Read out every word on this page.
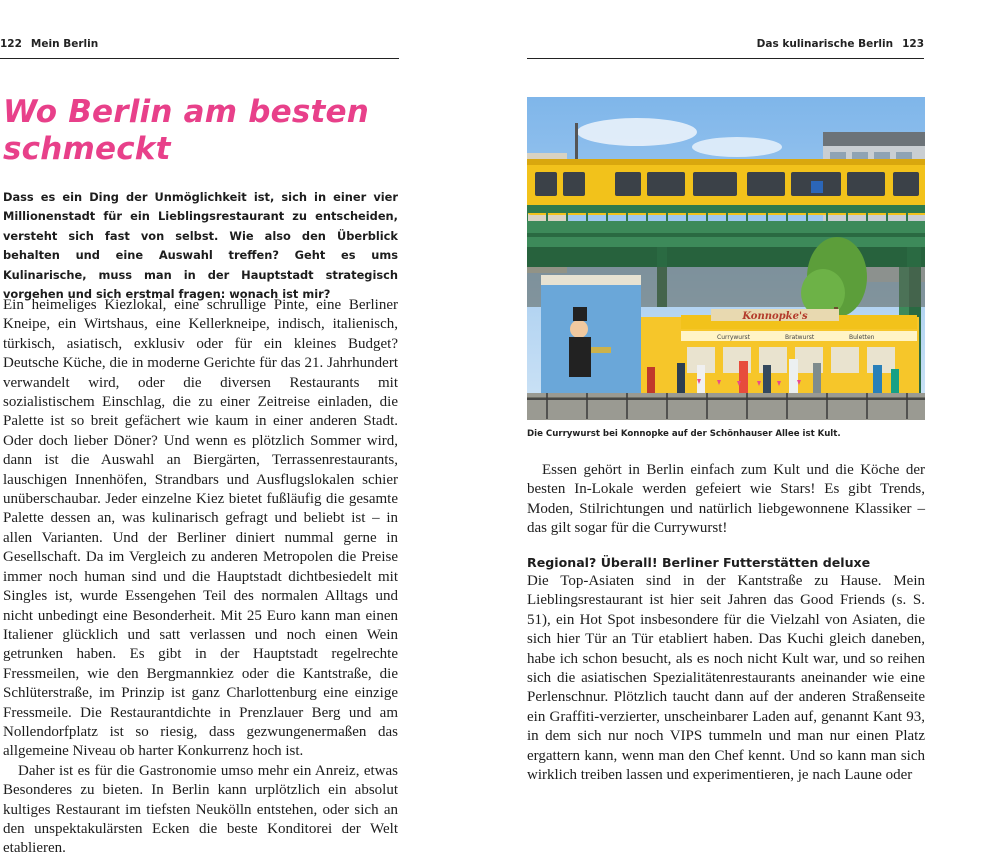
122 Mein Berlin
Wo Berlin am besten schmeckt

Dass es ein Ding der Unmöglichkeit ist, sich in einer vier Millionenstadt für ein Lieblingsrestaurant zu entscheiden, versteht sich fast von selbst. Wie also den Überblick behalten und eine Auswahl treffen? Geht es ums Kulinarische, muss man in der Hauptstadt strategisch vorgehen und sich erstmal fragen: wonach ist mir?

Ein heimeliges Kiezlokal, eine schrullige Pinte, eine Berliner Kneipe, ein Wirtshaus, eine Kellerkneipe, indisch, italienisch, türkisch, asiatisch, exklusiv oder für ein kleines Budget? Deutsche Küche, die in moderne Gerichte für das 21. Jahrhundert verwandelt wird, oder die diversen Restaurants mit sozialistischem Einschlag, die zu einer Zeitreise einladen, die Palette ist so breit gefächert wie kaum in einer anderen Stadt. Oder doch lieber Döner? Und wenn es plötzlich Sommer wird, dann ist die Auswahl an Biergärten, Terrassenrestaurants, lauschigen Innenhöfen, Strandbars und Ausflugslokalen schier unüberschaubar. Jeder einzelne Kiez bietet fußläufig die gesamte Palette dessen an, was kulinarisch gefragt und beliebt ist – in allen Varianten. Und der Berliner diniert nummal gerne in Gesellschaft. Da im Vergleich zu anderen Metropolen die Preise immer noch human sind und die Hauptstadt dichtbesiedelt mit Singles ist, wurde Essengehen Teil des normalen Alltags und nicht unbedingt eine Besonderheit. Mit 25 Euro kann man einen Italiener glücklich und satt verlassen und noch einen Wein getrunken haben. Es gibt in der Hauptstadt regelrechte Fressmeilen, wie den Bergmannkiez oder die Kantstraße, die Schlüterstraße, im Prinzip ist ganz Charlottenburg eine einzige Fressmeile. Die Restaurantdichte in Prenzlauer Berg und am Nollendorfplatz ist so riesig, dass gezwungenermaßen das allgemeine Niveau ob harter Konkurrenz hoch ist.

Daher ist es für die Gastronomie umso mehr ein Anreiz, etwas Besonderes zu bieten. In Berlin kann urplötzlich ein absolut kultiges Restaurant im tiefsten Neukölln entstehen, oder sich an den unspektakulärsten Ecken die beste Konditorei der Welt etablieren.

Das kulinarische Berlin 123
Konnopke's
Currywurst	Bratwurst	Buletten

Die Currywurst bei Konnopke auf der Schönhauser Allee ist Kult.

Essen gehört in Berlin einfach zum Kult und die Köche der besten In-Lokale werden gefeiert wie Stars! Es gibt Trends, Moden, Stilrichtungen und natürlich liebgewonnene Klassiker – das gilt sogar für die Currywurst!

Regional? Überall! Berliner Futterstätten deluxe

Die Top-Asiaten sind in der Kantstraße zu Hause. Mein Lieblingsrestaurant ist hier seit Jahren das Good Friends (s. S. 51), ein Hot Spot insbesondere für die Vielzahl von Asiaten, die sich hier Tür an Tür etabliert haben. Das Kuchi gleich daneben, habe ich schon besucht, als es noch nicht Kult war, und so reihen sich die asiatischen Spezialitätenrestaurants aneinander wie eine Perlenschnur. Plötzlich taucht dann auf der anderen Straßenseite ein Graffiti-verzierter, unscheinbarer Laden auf, genannt Kant 93, in dem sich nur noch VIPS tummeln und man nur einen Platz ergattern kann, wenn man den Chef kennt. Und so kann man sich wirklich treiben lassen und experimentieren, je nach Laune oder
